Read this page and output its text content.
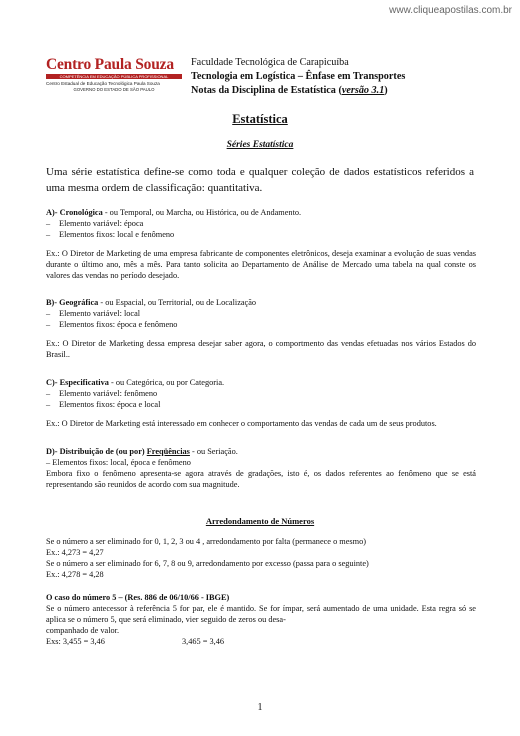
www.cliqueapostilas.com.br
Centro Paula Souza
COMPETÊNCIA EM EDUCAÇÃO PÚBLICA PROFISSIONAL
Centro Estadual de Educação Tecnológica Paula Souza
GOVERNO DO ESTADO DE SÃO PAULO
Faculdade Tecnológica de Carapicuíba
Tecnologia em Logística – Ênfase em Transportes
Notas da Disciplina de Estatística (versão 3.1)
Estatística
Séries Estatística
Uma série estatística define-se como toda e qualquer coleção de dados estatísticos referidos a uma mesma ordem de classificação: quantitativa.
A)- Cronológica - ou Temporal, ou Marcha, ou Histórica, ou de Andamento.
– Elemento variável: época
– Elementos fixos: local e fenômeno
Ex.: O Diretor de Marketing de uma empresa fabricante de componentes eletrônicos, deseja examinar a evolução de suas vendas durante o último ano, mês a mês. Para tanto solicita ao Departamento de Análise de Mercado uma tabela na qual conste os valores das vendas no período desejado.
B)- Geográfica - ou Espacial, ou Territorial, ou de Localização
– Elemento variável: local
– Elementos fixos: época e fenômeno
Ex.: O Diretor de Marketing dessa empresa desejar saber agora, o comportmento das vendas efetuadas nos vários Estados do Brasil..
C)- Especificativa - ou Categórica, ou por Categoria.
– Elemento variável: fenômeno
– Elementos fixos: época e local
Ex.: O Diretor de Marketing está interessado em conhecer o comportamento das vendas de cada um de seus produtos.
D)- Distribuição de (ou por) Freqüências - ou Seriação.
– Elementos fixos: local, época e fenômeno
Embora fixo o fenômeno apresenta-se agora através de gradações, isto é, os dados referentes ao fenômeno que se está representando são reunidos de acordo com sua magnitude.
Arredondamento de Números
Se o número a ser eliminado for 0, 1, 2, 3 ou 4 , arredondamento por falta (permanece o mesmo)
Ex.: 4,273 = 4,27
Se o número a ser eliminado for 6, 7, 8 ou 9, arredondamento por excesso (passa para o seguinte)
Ex.: 4,278 = 4,28
O caso do número 5 – (Res. 886 de 06/10/66 - IBGE)
Se o número antecessor à referência 5 for par, ele é mantido. Se for ímpar, será aumentado de uma unidade. Esta regra só se aplica se o número 5, que será eliminado, vier seguido de zeros ou desa-
companhado de valor.
Exs: 3,455 = 3,46	3,465 = 3,46
1
